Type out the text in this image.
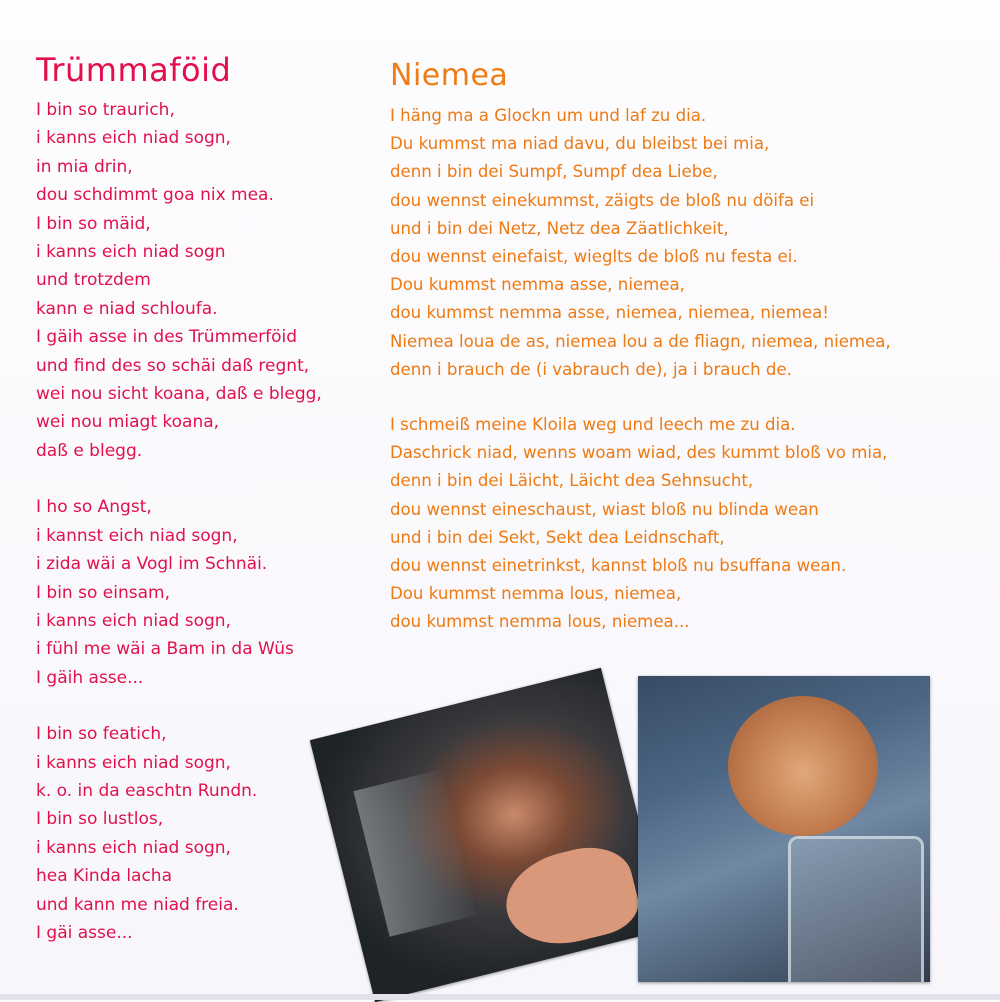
Trümmaföid
I bin so traurich,
i kanns eich niad sogn,
in mia drin,
dou schdimmt goa nix mea.
I bin so mäid,
i kanns eich niad sogn
und trotzdem
kann e niad schloufa.
I gäih asse in des Trümmerföid
und find des so schäi daß regnt,
wei nou sicht koana, daß e blegg,
wei nou miagt koana,
daß e blegg.
I ho so Angst,
i kannst eich niad sogn,
i zida wäi a Vogl im Schnäi.
I bin so einsam,
i kanns eich niad sogn,
i fühl me wäi a Bam in da Wüs
I gäih asse...
I bin so featich,
i kanns eich niad sogn,
k. o. in da easchtn Rundn.
I bin so lustlos,
i kanns eich niad sogn,
hea Kinda lacha
und kann me niad freia.
I gäi asse...
Niemea
I häng ma a Glockn um und laf zu dia.
Du kummst ma niad davu, du bleibst bei mia,
denn i bin dei Sumpf, Sumpf dea Liebe,
dou wennst einekummst, zäigts de bloß nu döifa ei
und i bin dei Netz, Netz dea Zäatlichkeit,
dou wennst einefaist, wieglts de bloß nu festa ei.
Dou kummst nemma asse, niemea,
dou kummst nemma asse, niemea, niemea, niemea!
Niemea loua de as, niemea lou a de fliagn, niemea, niemea,
denn i brauch de (i vabrauch de), ja i brauch de.
I schmeiß meine Kloila weg und leech me zu dia.
Daschrick niad, wenns woam wiad, des kummt bloß vo mia,
denn i bin dei Läicht, Läicht dea Sehnsucht,
dou wennst eineschaust, wiast bloß nu blinda wean
und i bin dei Sekt, Sekt dea Leidnschaft,
dou wennst einetrinkst, kannst bloß nu bsuffana wean.
Dou kummst nemma lous, niemea,
dou kummst nemma lous, niemea...
